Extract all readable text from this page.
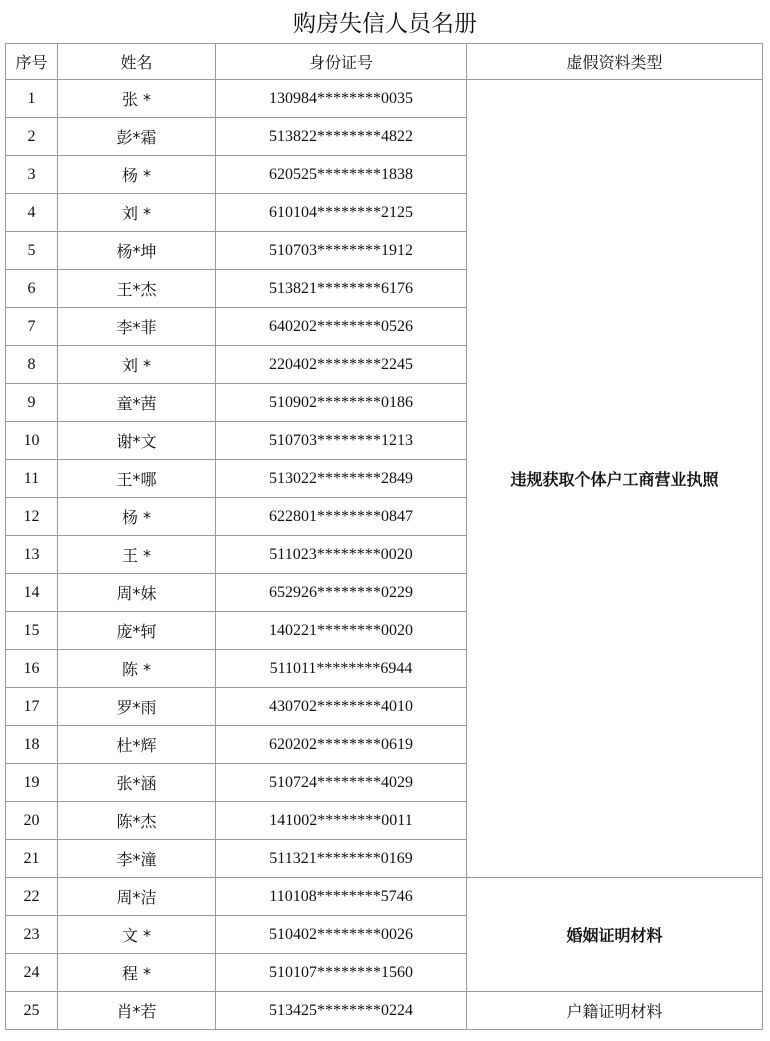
购房失信人员名册
序号	姓名	身份证号	虚假资料类型
1	张 *	130984********0035	违规获取个体户工商营业执照
2	彭*霜	513822********4822	
3	杨 *	620525********1838	
4	刘 *	610104********2125	
5	杨*坤	510703********1912	
6	王*杰	513821********6176	
7	李*菲	640202********0526	
8	刘 *	220402********2245	
9	童*茜	510902********0186	
10	谢*文	510703********1213	
11	王*哪	513022********2849	
12	杨 *	622801********0847	
13	王 *	511023********0020	
14	周*妹	652926********0229	
15	庞*轲	140221********0020	
16	陈 *	511011********6944	
17	罗*雨	430702********4010	
18	杜*辉	620202********0619	
19	张*涵	510724********4029	
20	陈*杰	141002********0011	
21	李*潼	511321********0169	
22	周*洁	110108********5746	婚姻证明材料
23	文 *	510402********0026	
24	程 *	510107********1560	
25	肖*若	513425********0224	户籍证明材料
